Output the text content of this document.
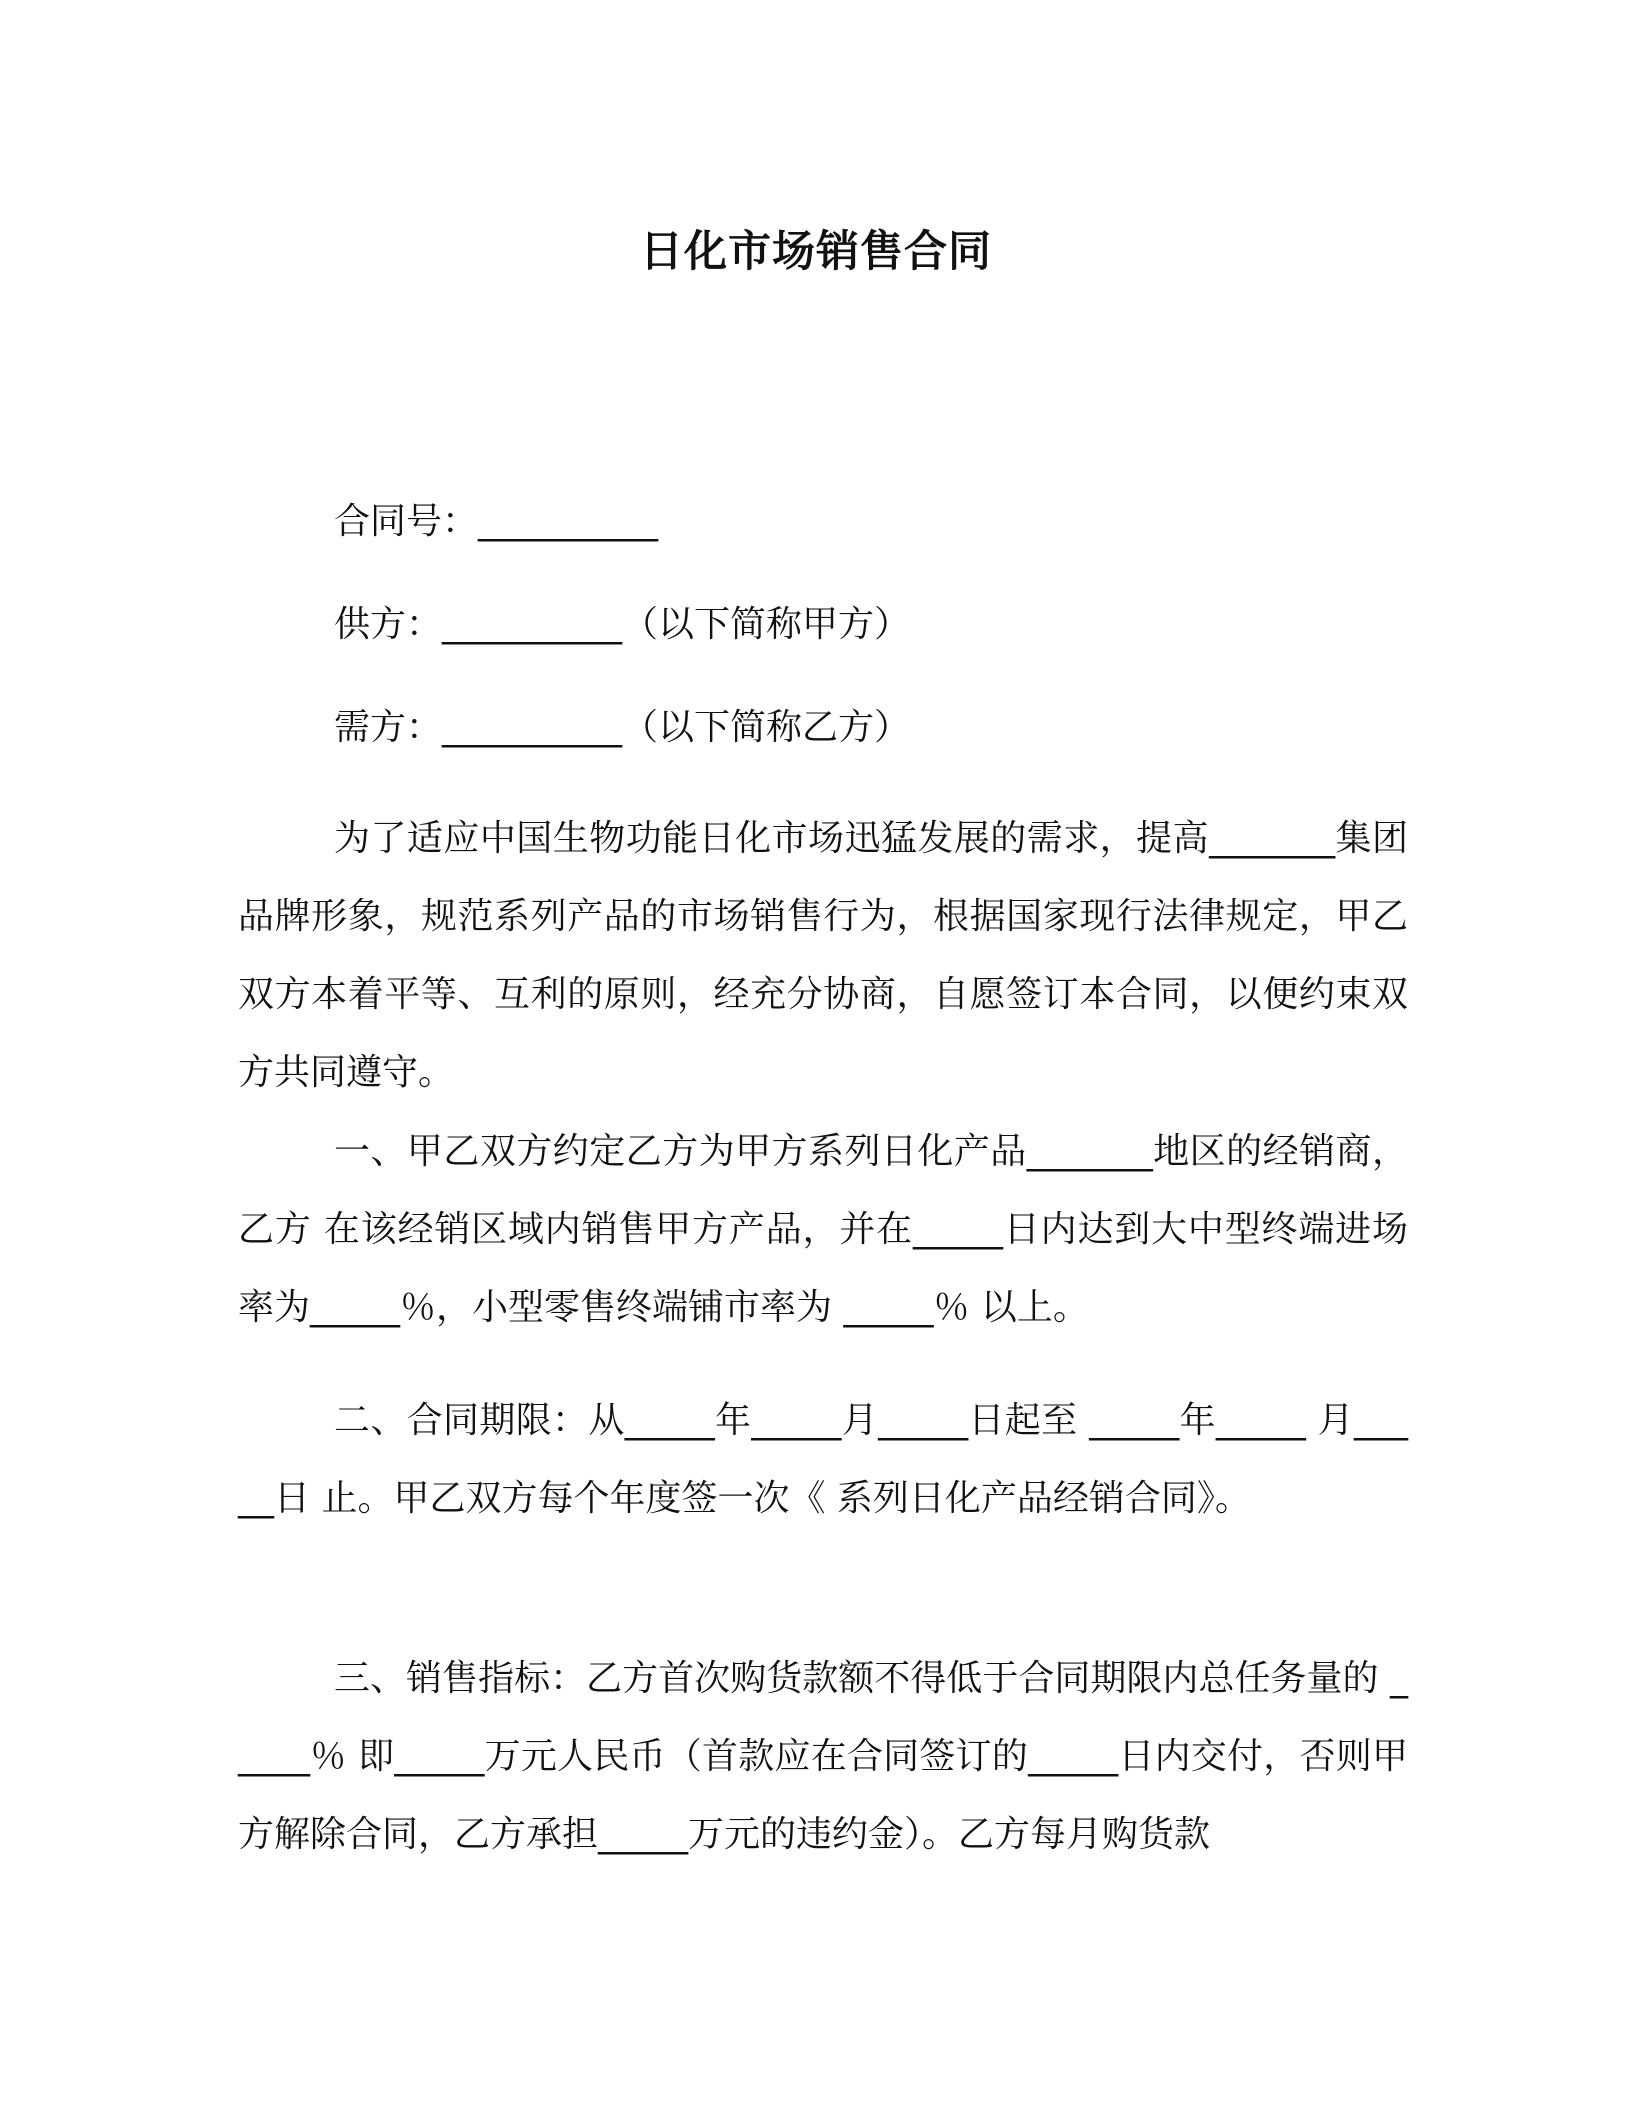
日化市场销售合同
合同号：__________
供方：__________（以下简称甲方）
需方：__________（以下简称乙方）

为了适应中国生物功能日化市场迅猛发展的需求，提高_______集团品牌形象，规范系列产品的市场销售行为，根据国家现行法律规定，甲乙双方本着平等、互利的原则，经充分协商，自愿签订本合同，以便约束双方共同遵守。

一、甲乙双方约定乙方为甲方系列日化产品_______地区的经销商，乙方 在该经销区域内销售甲方产品，并在_____日内达到大中型终端进场率为_____％，小型零售终端铺市率为 _____％ 以上。

二、合同期限：从_____年_____月_____日起至 _____年_____ 月_____日 止。甲乙双方每个年度签一次《 系列日化产品经销合同》。

三、销售指标：乙方首次购货款额不得低于合同期限内总任务量的 _____％ 即_____万元人民币（首款应在合同签订的_____日内交付，否则甲方解除合同，乙方承担_____万元的违约金）。乙方每月购货款
